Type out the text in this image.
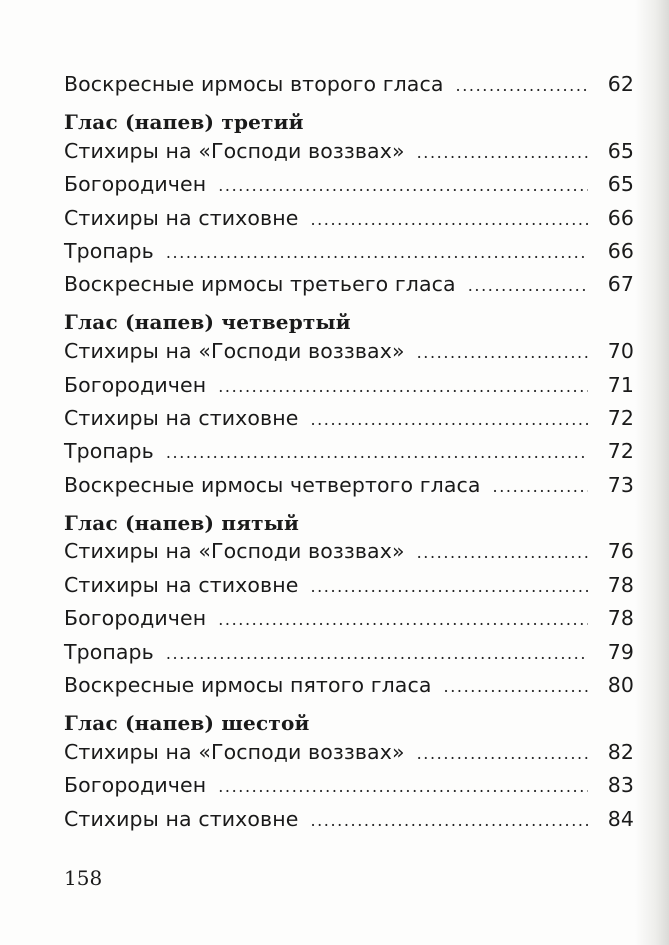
Воскресные ирмосы второго гласа .....	62
Глас (напев) третий
Стихиры на «Господи воззвах» .....	65
Богородичен .....	65
Стихиры на стиховне .....	66
Тропарь .....	66
Воскресные ирмосы третьего гласа .....	67
Глас (напев) четвертый
Стихиры на «Господи воззвах» .....	70
Богородичен .....	71
Стихиры на стиховне .....	72
Тропарь .....	72
Воскресные ирмосы четвертого гласа .....	73
Глас (напев) пятый
Стихиры на «Господи воззвах» .....	76
Стихиры на стиховне .....	78
Богородичен .....	78
Тропарь .....	79
Воскресные ирмосы пятого гласа .....	80
Глас (напев) шестой
Стихиры на «Господи воззвах» .....	82
Богородичен .....	83
Стихиры на стиховне .....	84
158
